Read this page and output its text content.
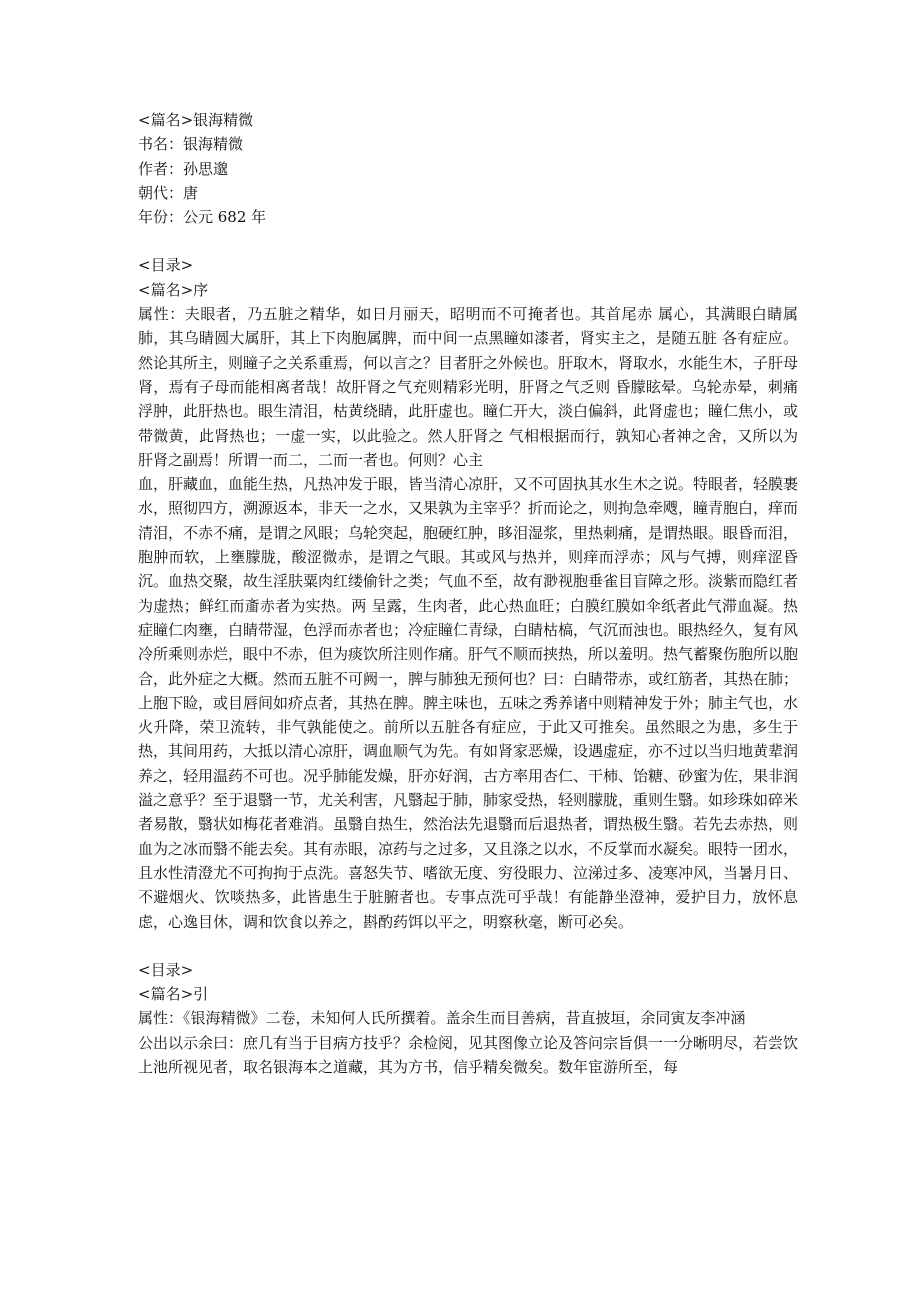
<篇名>银海精微
书名：银海精微
作者：孙思邈
朝代：唐
年份：公元 682 年
<目录>
<篇名>序
属性：夫眼者，乃五脏之精华，如日月丽天，昭明而不可掩者也。其首尾赤 属心，其满眼白睛属肺，其乌睛圆大属肝，其上下肉胞属脾，而中间一点黑瞳如漆者，肾实主之，是随五脏 各有症应。然论其所主，则瞳子之关系重焉，何以言之？目者肝之外候也。肝取木，肾取水，水能生木，子肝母肾，焉有子母而能相离者哉！故肝肾之气充则精彩光明，肝肾之气乏则 昏朦眩晕。乌轮赤晕，刺痛浮肿，此肝热也。眼生清泪，枯黄绕睛，此肝虚也。瞳仁开大，淡白偏斜，此肾虚也；瞳仁焦小，或带微黄，此肾热也；一虚一实，以此验之。然人肝肾之 气相根据而行，孰知心者神之舍，又所以为肝肾之副焉！所谓一而二，二而一者也。何则？心主
血，肝藏血，血能生热，凡热冲发于眼，皆当清心凉肝，又不可固执其水生木之说。特眼者，轻膜裹水，照彻四方，溯源返本，非天一之水，又果孰为主宰乎？折而论之，则拘急牵飕，瞳青胞白，痒而清泪，不赤不痛，是谓之风眼；乌轮突起，胞硬红肿，眵泪湿浆，里热刺痛，是谓热眼。眼昏而泪，胞肿而软，上壅朦胧，酸涩微赤，是谓之气眼。其或风与热并，则痒而浮赤；风与气搏，则痒涩昏沉。血热交聚，故生淫肤粟肉红缕偷针之类；气血不至，故有渺视胞垂雀目盲障之形。淡紫而隐红者为虚热；鲜红而齑赤者为实热。两 呈露，生肉者，此心热血旺；白膜红膜如伞纸者此气滞血凝。热症瞳仁肉壅，白睛带湿，色浮而赤者也；冷症瞳仁青绿，白睛枯槁，气沉而浊也。眼热经久，复有风冷所乘则赤烂，眼中不赤，但为痰饮所注则作痛。肝气不顺而挟热，所以羞明。热气蓄聚伤胞所以胞合，此外症之大概。然而五脏不可阙一，脾与肺独无预何也？曰：白睛带赤，或红筋者，其热在肺；上胞下睑，或目唇间如疥点者，其热在脾。脾主味也，五味之秀养诸中则精神发于外；肺主气也，水火升降，荣卫流转，非气孰能使之。前所以五脏各有症应，于此又可推矣。虽然眼之为患，多生于热，其间用药，大抵以清心凉肝，调血顺气为先。有如肾家恶燥，设遇虚症，亦不过以当归地黄辈润养之，轻用温药不可也。况乎肺能发燥，肝亦好润，古方率用杏仁、干柿、饴糖、砂蜜为佐，果非润溢之意乎？至于退翳一节，尤关利害，凡翳起于肺，肺家受热，轻则朦胧，重则生翳。如珍珠如碎米者易散，翳状如梅花者难消。虽翳自热生，然治法先退翳而后退热者，谓热极生翳。若先去赤热，则血为之冰而翳不能去矣。其有赤眼，凉药与之过多，又且涤之以水，不反掌而水凝矣。眼特一团水，且水性清澄尤不可拘拘于点洗。喜怒失节、嗜欲无度、穷役眼力、泣涕过多、凌寒冲风，当暑月日、不避烟火、饮啖热多，此皆患生于脏腑者也。专事点洗可乎哉！有能静坐澄神，爱护目力，放怀息虑，心逸目休，调和饮食以养之，斟酌药饵以平之，明察秋毫，断可必矣。
<目录>
<篇名>引
属性：《银海精微》二卷，未知何人氏所撰着。盖余生而目善病，昔直披垣，余同寅友李冲涵
公出以示余曰：庶几有当于目病方技乎？余检阅，见其图像立论及答问宗旨俱一一分晰明尽，若尝饮上池所视见者，取名银海本之道藏，其为方书，信乎精矣微矣。数年宦游所至，每
